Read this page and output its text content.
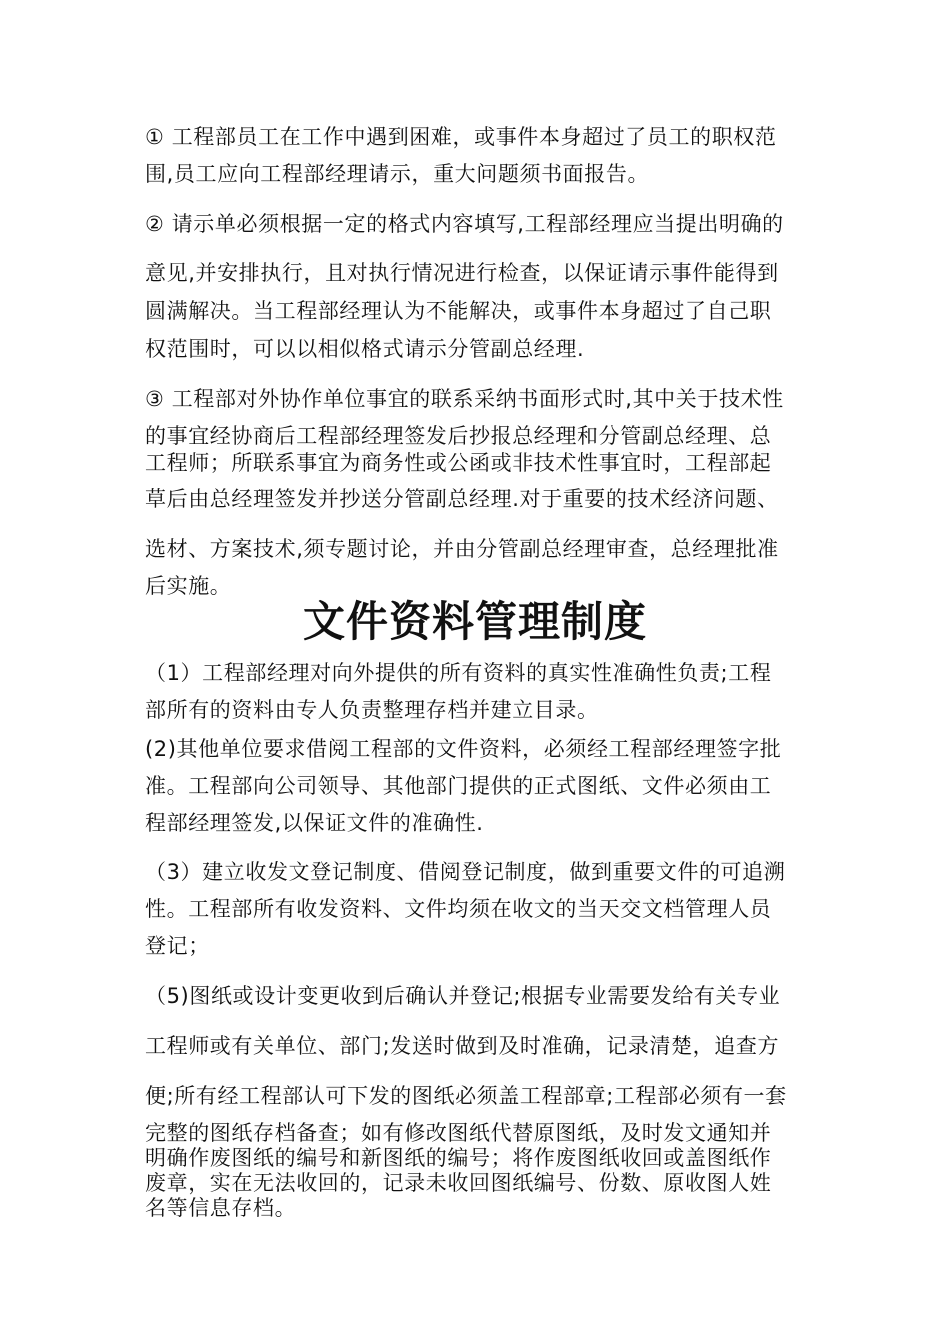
① 工程部员工在工作中遇到困难，或事件本身超过了员工的职权范

围,员工应向工程部经理请示，重大问题须书面报告。

② 请示单必须根据一定的格式内容填写,工程部经理应当提出明确的

意见,并安排执行，且对执行情况进行检查，以保证请示事件能得到

圆满解决。当工程部经理认为不能解决，或事件本身超过了自己职

权范围时，可以以相似格式请示分管副总经理.

③ 工程部对外协作单位事宜的联系采纳书面形式时,其中关于技术性

的事宜经协商后工程部经理签发后抄报总经理和分管副总经理、总

工程师；所联系事宜为商务性或公函或非技术性事宜时，工程部起

草后由总经理签发并抄送分管副总经理.对于重要的技术经济问题、

选材、方案技术,须专题讨论，并由分管副总经理审查，总经理批准

后实施。

文件资料管理制度

（1）工程部经理对向外提供的所有资料的真实性准确性负责;工程

部所有的资料由专人负责整理存档并建立目录。

(2)其他单位要求借阅工程部的文件资料，必须经工程部经理签字批

准。工程部向公司领导、其他部门提供的正式图纸、文件必须由工

程部经理签发,以保证文件的准确性.

（3）建立收发文登记制度、借阅登记制度，做到重要文件的可追溯

性。工程部所有收发资料、文件均须在收文的当天交文档管理人员

登记；

（5)图纸或设计变更收到后确认并登记;根据专业需要发给有关专业

工程师或有关单位、部门;发送时做到及时准确，记录清楚，追查方

便;所有经工程部认可下发的图纸必须盖工程部章;工程部必须有一套

完整的图纸存档备查；如有修改图纸代替原图纸，及时发文通知并

明确作废图纸的编号和新图纸的编号；将作废图纸收回或盖图纸作

废章，实在无法收回的，记录未收回图纸编号、份数、原收图人姓

名等信息存档。
